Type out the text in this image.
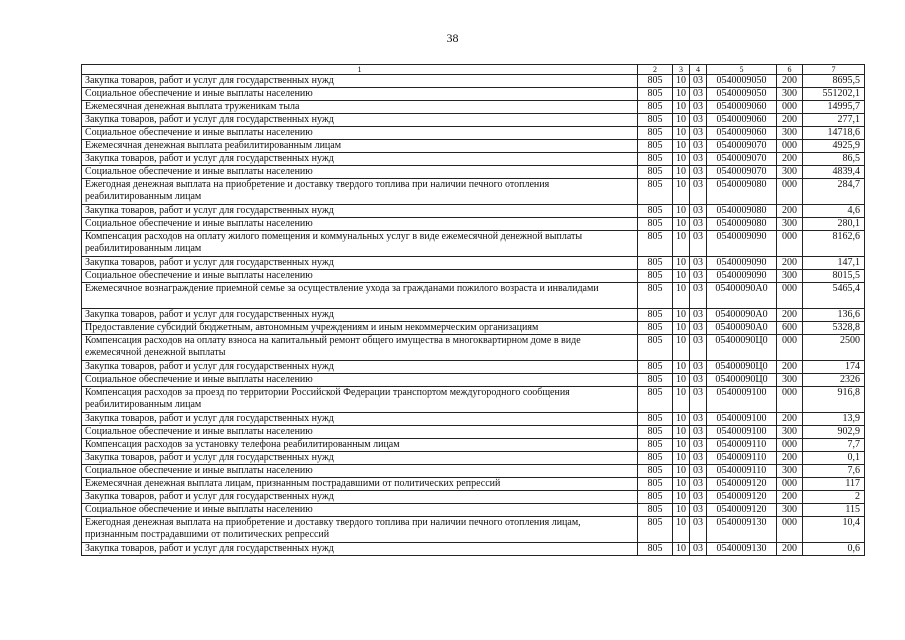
38
1	2	3	4	5	6	7
Закупка товаров, работ и услуг для государственных нужд	805	10	03	0540009050	200	8695,5
Социальное обеспечение и иные выплаты населению	805	10	03	0540009050	300	551202,1
Ежемесячная денежная выплата труженикам тыла	805	10	03	0540009060	000	14995,7
Закупка товаров, работ и услуг для государственных нужд	805	10	03	0540009060	200	277,1
Социальное обеспечение и иные выплаты населению	805	10	03	0540009060	300	14718,6
Ежемесячная денежная выплата реабилитированным лицам	805	10	03	0540009070	000	4925,9
Закупка товаров, работ и услуг для государственных нужд	805	10	03	0540009070	200	86,5
Социальное обеспечение и иные выплаты населению	805	10	03	0540009070	300	4839,4
Ежегодная денежная выплата на приобретение и доставку твердого топлива при наличии печного отопления реабилитированным лицам	805	10	03	0540009080	000	284,7
Закупка товаров, работ и услуг для государственных нужд	805	10	03	0540009080	200	4,6
Социальное обеспечение и иные выплаты населению	805	10	03	0540009080	300	280,1
Компенсация расходов на оплату жилого помещения и коммунальных услуг в виде ежемесячной денежной выплаты реабилитированным лицам	805	10	03	0540009090	000	8162,6
Закупка товаров, работ и услуг для государственных нужд	805	10	03	0540009090	200	147,1
Социальное обеспечение и иные выплаты населению	805	10	03	0540009090	300	8015,5
Ежемесячное вознаграждение приемной семье за осуществление ухода за гражданами пожилого возраста и инвалидами	805	10	03	05400090А0	000	5465,4
Закупка товаров, работ и услуг для государственных нужд	805	10	03	05400090А0	200	136,6
Предоставление субсидий бюджетным, автономным учреждениям и иным некоммерческим организациям	805	10	03	05400090А0	600	5328,8
Компенсация расходов на оплату взноса на капитальный ремонт общего имущества в многоквартирном доме в виде ежемесячной денежной выплаты	805	10	03	05400090Ц0	000	2500
Закупка товаров, работ и услуг для государственных нужд	805	10	03	05400090Ц0	200	174
Социальное обеспечение и иные выплаты населению	805	10	03	05400090Ц0	300	2326
Компенсация расходов за проезд по территории Российской Федерации транспортом междугородного сообщения реабилитированным лицам	805	10	03	0540009100	000	916,8
Закупка товаров, работ и услуг для государственных нужд	805	10	03	0540009100	200	13,9
Социальное обеспечение и иные выплаты населению	805	10	03	0540009100	300	902,9
Компенсация расходов за установку телефона реабилитированным лицам	805	10	03	0540009110	000	7,7
Закупка товаров, работ и услуг для государственных нужд	805	10	03	0540009110	200	0,1
Социальное обеспечение и иные выплаты населению	805	10	03	0540009110	300	7,6
Ежемесячная денежная выплата лицам, признанным пострадавшими от политических репрессий	805	10	03	0540009120	000	117
Закупка товаров, работ и услуг для государственных нужд	805	10	03	0540009120	200	2
Социальное обеспечение и иные выплаты населению	805	10	03	0540009120	300	115
Ежегодная денежная выплата на приобретение и доставку твердого топлива при наличии печного отопления лицам, признанным пострадавшими от политических репрессий	805	10	03	0540009130	000	10,4
Закупка товаров, работ и услуг для государственных нужд	805	10	03	0540009130	200	0,6
